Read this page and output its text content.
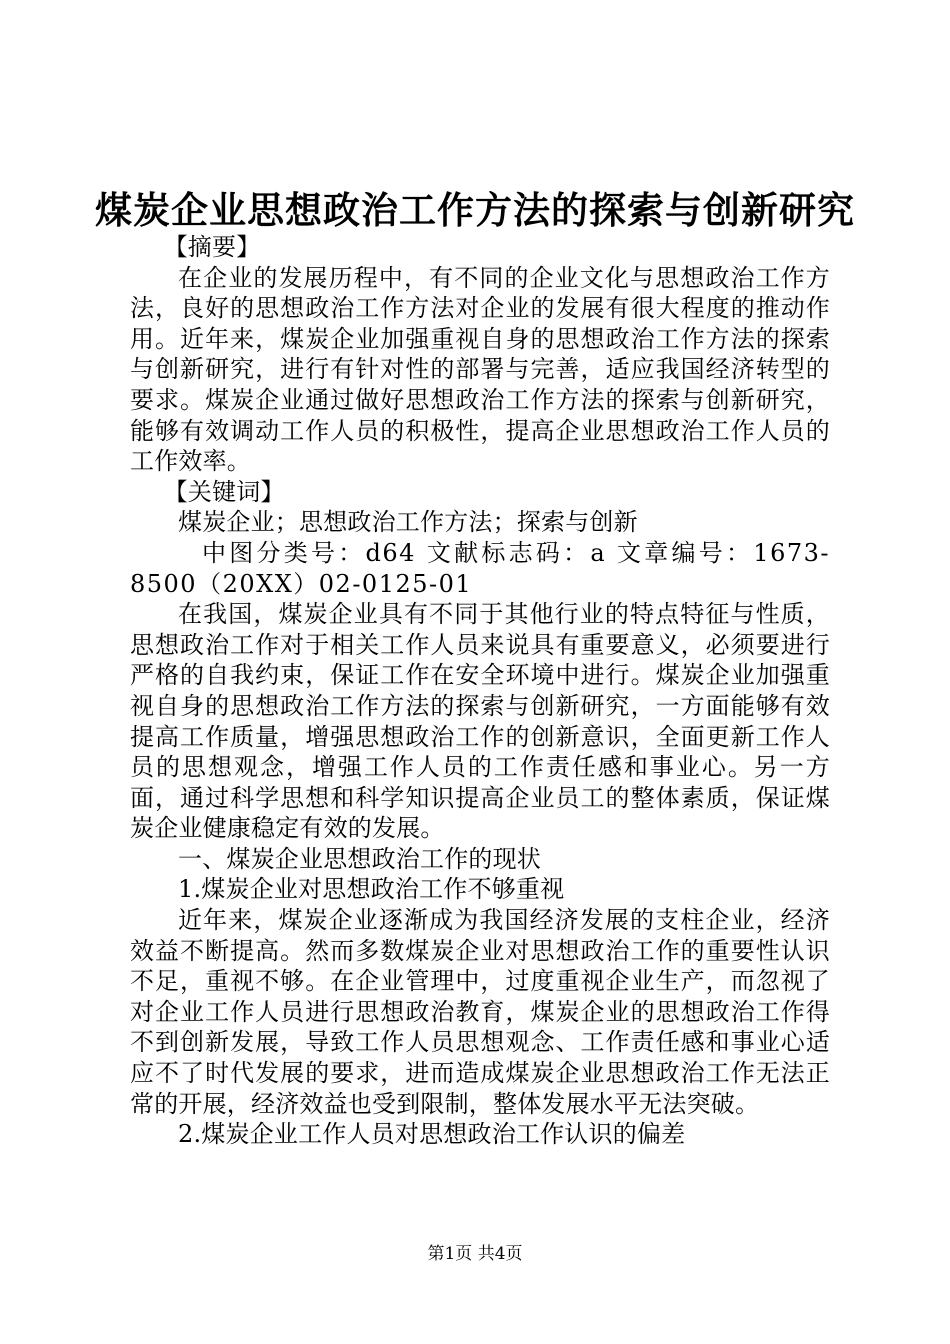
煤炭企业思想政治工作方法的探索与创新研究

【摘要】

在企业的发展历程中，有不同的企业文化与思想政治工作方法，良好的思想政治工作方法对企业的发展有很大程度的推动作用。近年来，煤炭企业加强重视自身的思想政治工作方法的探索与创新研究，进行有针对性的部署与完善，适应我国经济转型的要求。煤炭企业通过做好思想政治工作方法的探索与创新研究，能够有效调动工作人员的积极性，提高企业思想政治工作人员的工作效率。

【关键词】

煤炭企业；思想政治工作方法；探索与创新

中图分类号：d64 文献标志码：a 文章编号：1673-8500（20XX）02-0125-01

在我国，煤炭企业具有不同于其他行业的特点特征与性质，思想政治工作对于相关工作人员来说具有重要意义，必须要进行严格的自我约束，保证工作在安全环境中进行。煤炭企业加强重视自身的思想政治工作方法的探索与创新研究，一方面能够有效提高工作质量，增强思想政治工作的创新意识，全面更新工作人员的思想观念，增强工作人员的工作责任感和事业心。另一方面，通过科学思想和科学知识提高企业员工的整体素质，保证煤炭企业健康稳定有效的发展。

一、煤炭企业思想政治工作的现状

1.煤炭企业对思想政治工作不够重视

近年来，煤炭企业逐渐成为我国经济发展的支柱企业，经济效益不断提高。然而多数煤炭企业对思想政治工作的重要性认识不足，重视不够。在企业管理中，过度重视企业生产，而忽视了对企业工作人员进行思想政治教育，煤炭企业的思想政治工作得不到创新发展，导致工作人员思想观念、工作责任感和事业心适应不了时代发展的要求，进而造成煤炭企业思想政治工作无法正常的开展，经济效益也受到限制，整体发展水平无法突破。

2.煤炭企业工作人员对思想政治工作认识的偏差

第1页 共4页
